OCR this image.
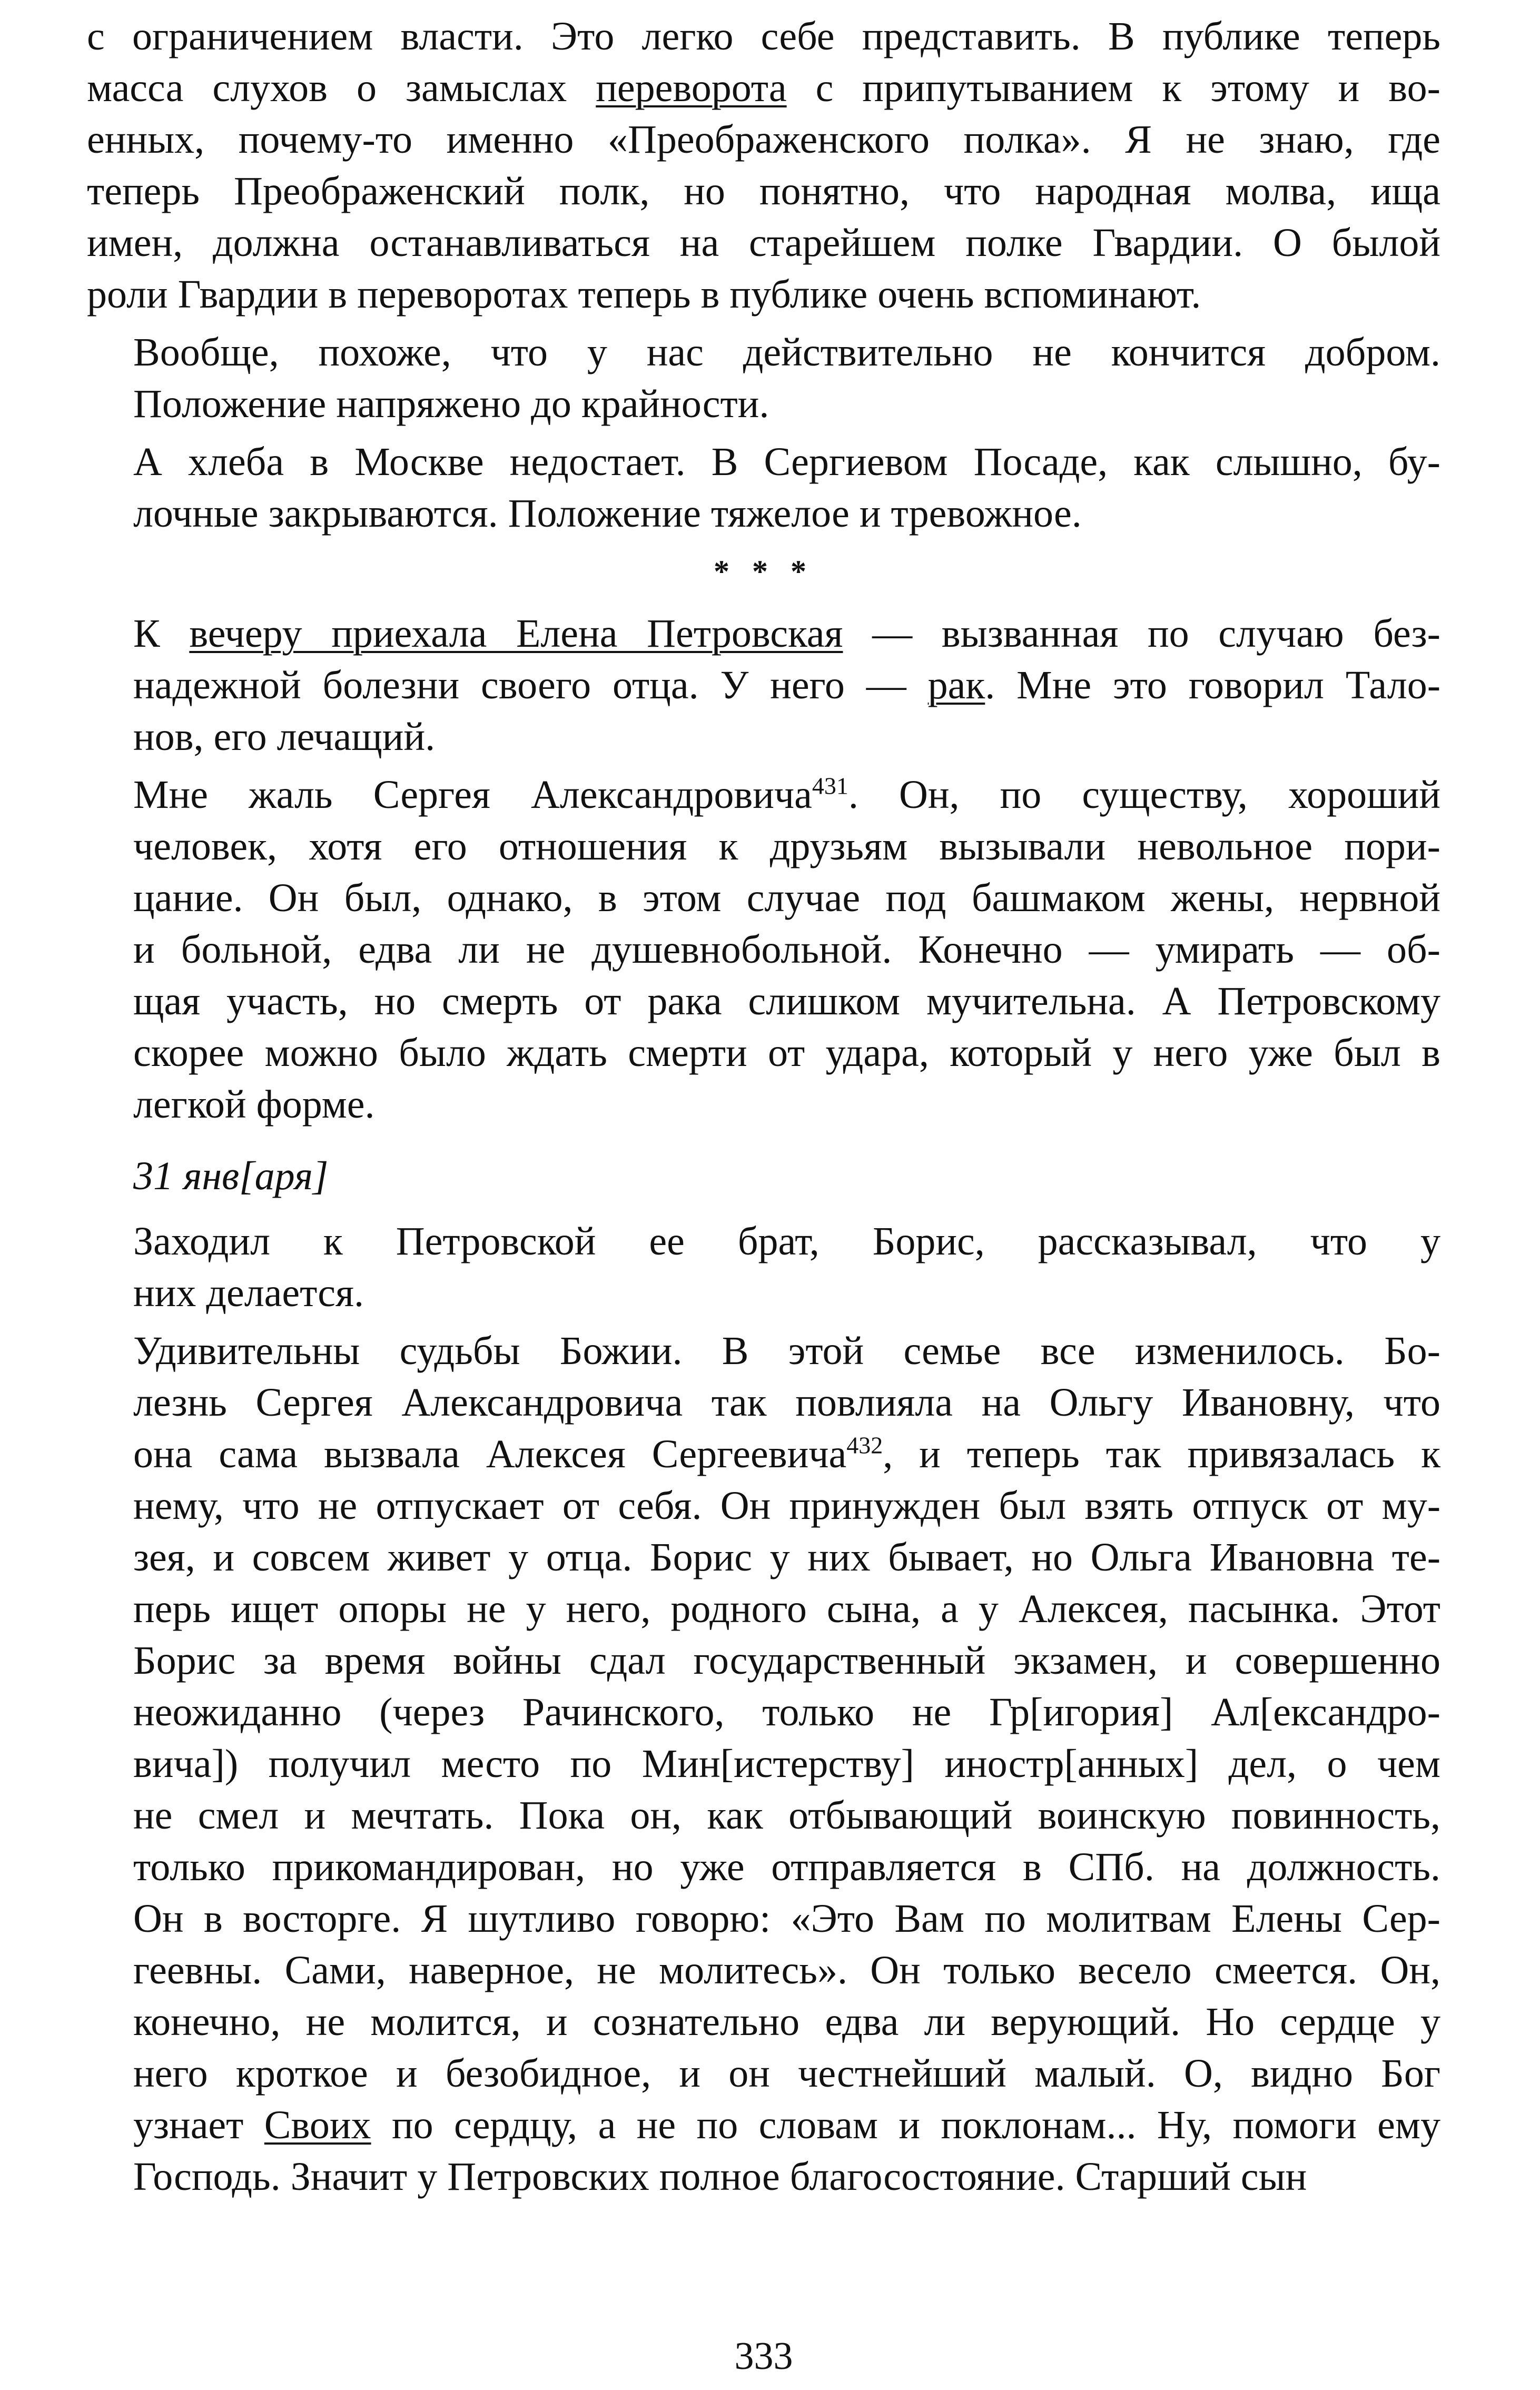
с ограничением власти. Это легко себе представить. В публике теперь
масса слухов о замыслах переворота с припутыванием к этому и во-
енных, почему-то именно «Преображенского полка». Я не знаю, где
теперь Преображенский полк, но понятно, что народная молва, ища
имен, должна останавливаться на старейшем полке Гвардии. О былой
роли Гвардии в переворотах теперь в публике очень вспоминают.
Вообще, похоже, что у нас действительно не кончится добром.
Положение напряжено до крайности.
А хлеба в Москве недостает. В Сергиевом Посаде, как слышно, бу-
лочные закрываются. Положение тяжелое и тревожное.
* * *
К вечеру приехала Елена Петровская — вызванная по случаю без-
надежной болезни своего отца. У него — рак. Мне это говорил Тало-
нов, его лечащий.
Мне жаль Сергея Александровича$^{431}$. Он, по существу, хороший
человек, хотя его отношения к друзьям вызывали невольное пори-
цание. Он был, однако, в этом случае под башмаком жены, нервной
и больной, едва ли не душевнобольной. Конечно — умирать — об-
щая участь, но смерть от рака слишком мучительна. А Петровскому
скорее можно было ждать смерти от удара, который у него уже был в
легкой форме.
31 янв[аря]
Заходил к Петровской ее брат, Борис, рассказывал, что у
них делается.
Удивительны судьбы Божии. В этой семье все изменилось. Бо-
лезнь Сергея Александровича так повлияла на Ольгу Ивановну, что
она сама вызвала Алексея Сергеевича$^{432}$, и теперь так привязалась к
нему, что не отпускает от себя. Он принужден был взять отпуск от му-
зея, и совсем живет у отца. Борис у них бывает, но Ольга Ивановна те-
перь ищет опоры не у него, родного сына, а у Алексея, пасынка. Этот
Борис за время войны сдал государственный экзамен, и совершенно
неожиданно (через Рачинского, только не Гр[игория] Ал[ександро-
вича]) получил место по Мин[истерству] иностр[анных] дел, о чем
не смел и мечтать. Пока он, как отбывающий воинскую повинность,
только прикомандирован, но уже отправляется в СПб. на должность.
Он в восторге. Я шутливо говорю: «Это Вам по молитвам Елены Сер-
геевны. Сами, наверное, не молитесь». Он только весело смеется. Он,
конечно, не молится, и сознательно едва ли верующий. Но сердце у
него кроткое и безобидное, и он честнейший малый. О, видно Бог
узнает Своих по сердцу, а не по словам и поклонам... Ну, помоги ему
Господь. Значит у Петровских полное благосостояние. Старший сын
333
